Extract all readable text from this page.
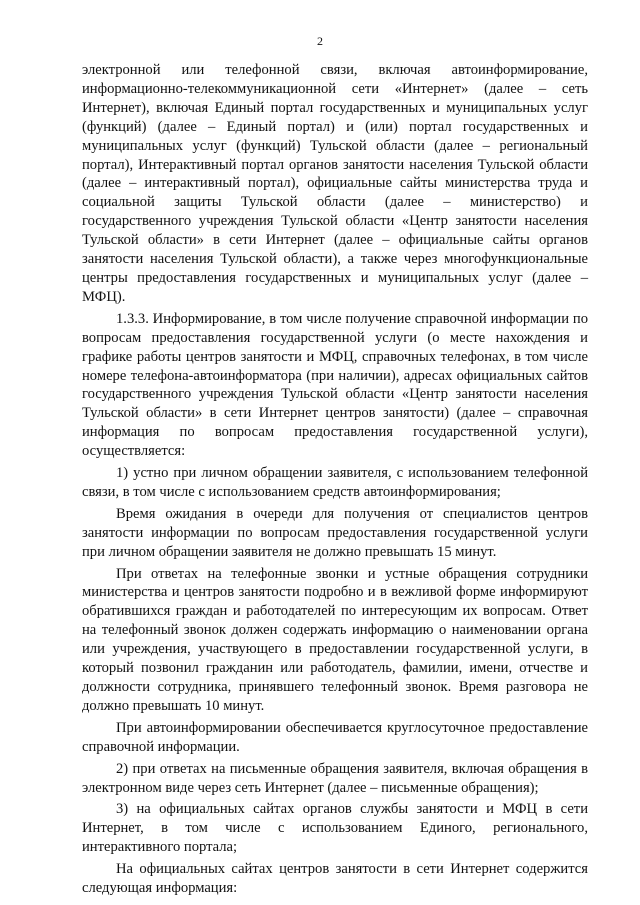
2

электронной или телефонной связи, включая автоинформирование, информационно-телекоммуникационной сети «Интернет» (далее – сеть Интернет), включая Единый портал государственных и муниципальных услуг (функций) (далее – Единый портал) и (или) портал государственных и муниципальных услуг (функций) Тульской области (далее – региональный портал), Интерактивный портал органов занятости населения Тульской области (далее – интерактивный портал), официальные сайты министерства труда и социальной защиты Тульской области (далее – министерство) и государственного учреждения Тульской области «Центр занятости населения Тульской области» в сети Интернет (далее – официальные сайты органов занятости населения Тульской области), а также через многофункциональные центры предоставления государственных и муниципальных услуг (далее – МФЦ).

1.3.3. Информирование, в том числе получение справочной информации по вопросам предоставления государственной услуги (о месте нахождения и графике работы центров занятости и МФЦ, справочных телефонах, в том числе номере телефона-автоинформатора (при наличии), адресах официальных сайтов государственного учреждения Тульской области «Центр занятости населения Тульской области» в сети Интернет центров занятости) (далее – справочная информация по вопросам предоставления государственной услуги), осуществляется:

1) устно при личном обращении заявителя, с использованием телефонной связи, в том числе с использованием средств автоинформирования;

Время ожидания в очереди для получения от специалистов центров занятости информации по вопросам предоставления государственной услуги при личном обращении заявителя не должно превышать 15 минут.

При ответах на телефонные звонки и устные обращения сотрудники министерства и центров занятости подробно и в вежливой форме информируют обратившихся граждан и работодателей по интересующим их вопросам. Ответ на телефонный звонок должен содержать информацию о наименовании органа или учреждения, участвующего в предоставлении государственной услуги, в который позвонил гражданин или работодатель, фамилии, имени, отчестве и должности сотрудника, принявшего телефонный звонок. Время разговора не должно превышать 10 минут.

При автоинформировании обеспечивается круглосуточное предоставление справочной информации.

2) при ответах на письменные обращения заявителя, включая обращения в электронном виде через сеть Интернет (далее – письменные обращения);

3) на официальных сайтах органов службы занятости и МФЦ в сети Интернет, в том числе с использованием Единого, регионального, интерактивного портала;

На официальных сайтах центров занятости в сети Интернет содержится следующая информация:
